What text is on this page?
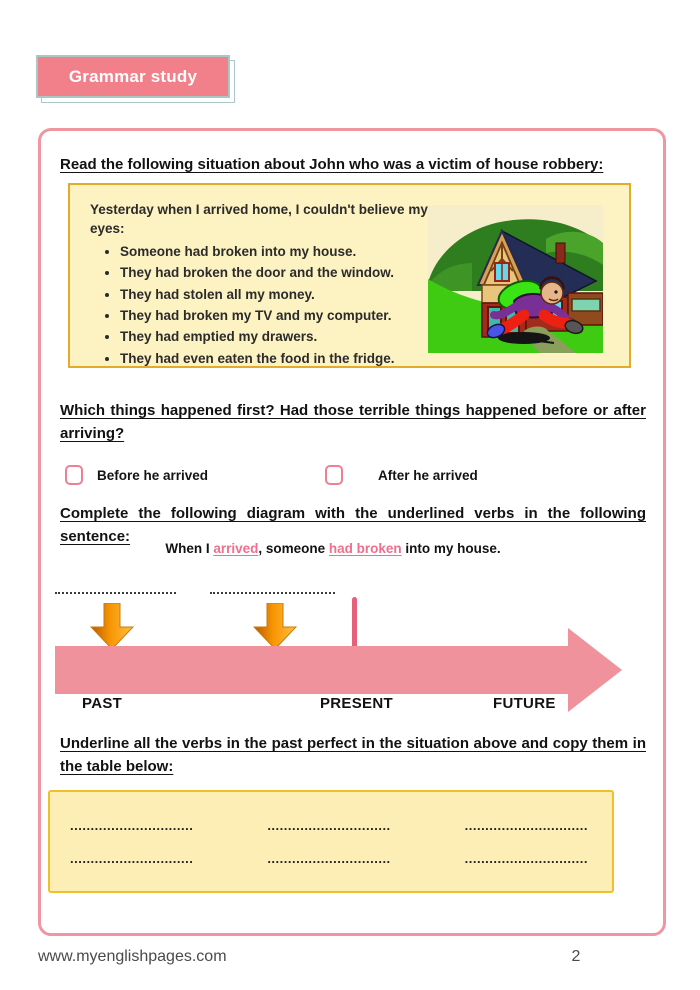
Grammar study
Read the following situation about John who was a victim of house robbery:
Yesterday when I arrived home, I couldn't believe my eyes:
• Someone had broken into my house.
• They had broken the door and the window.
• They had stolen all my money.
• They had broken my TV and my computer.
• They had emptied my drawers.
• They had even eaten the food in the fridge.
Which things happened first? Had those terrible things happened before or after arriving?
Before he arrived	After he arrived
Complete the following diagram with the underlined verbs in the following sentence:
When I arrived, someone had broken into my house.
PAST	PRESENT	FUTURE
Underline all the verbs in the past perfect in the situation above and copy them in the table below:
..............................	..............................	..............................
..............................	..............................	..............................
www.myenglishpages.com	2
